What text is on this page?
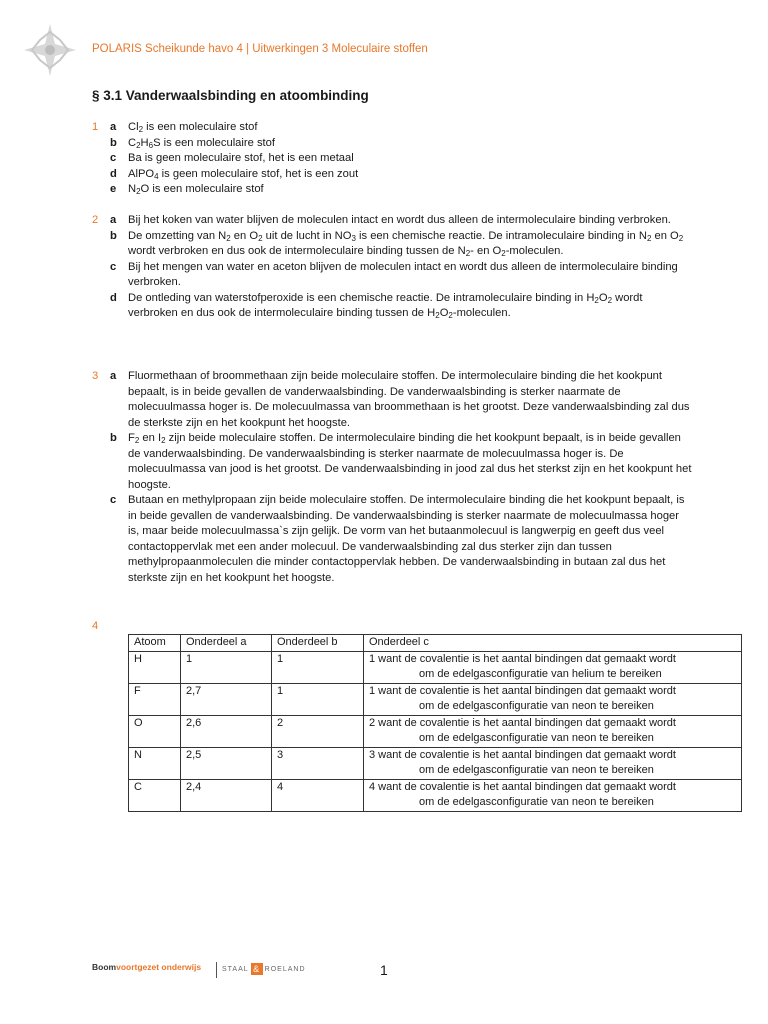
POLARIS Scheikunde havo 4 | Uitwerkingen 3 Moleculaire stoffen
§ 3.1 Vanderwaalsbinding en atoombinding
1 a $Cl_2$ is een moleculaire stof
b $C_2H_6S$ is een moleculaire stof
c Ba is geen moleculaire stof, het is een metaal
d AlPO$_4$ is geen moleculaire stof, het is een zout
e $N_2O$ is een moleculaire stof
2 a Bij het koken van water blijven de moleculen intact en wordt dus alleen de intermoleculaire binding verbroken.
b De omzetting van $N_2$ en $O_2$ uit de lucht in $NO_3$ is een chemische reactie. De intramoleculaire binding in $N_2$ en $O_2$ wordt verbroken en dus ook de intermoleculaire binding tussen de $N_2-$ en $O_2$-moleculen.
c Bij het mengen van water en aceton blijven de moleculen intact en wordt dus alleen de intermoleculaire binding verbroken.
d De ontleding van waterstofperoxide is een chemische reactie. De intramoleculaire binding in $H_2O_2$ wordt verbroken en dus ook de intermoleculaire binding tussen de $H_2O_2$-moleculen.
3 a Fluormethaan of broommethaan zijn beide moleculaire stoffen. De intermoleculaire binding die het kookpunt bepaalt, is in beide gevallen de vanderwaalsbinding. De vanderwaalsbinding is sterker naarmate de molecuulmassa hoger is. De molecuulmassa van broommethaan is het grootst. Deze vanderwaalsbinding zal dus de sterkste zijn en het kookpunt het hoogste.
b $F_2$ en $I_2$ zijn beide moleculaire stoffen. De intermoleculaire binding die het kookpunt bepaalt, is in beide gevallen de vanderwaalsbinding. De vanderwaalsbinding is sterker naarmate de molecuulmassa hoger is. De molecuulmassa van jood is het grootst. De vanderwaalsbinding in jood zal dus het sterkst zijn en het kookpunt het hoogste.
c Butaan en methylpropaan zijn beide moleculaire stoffen. De intermoleculaire binding die het kookpunt bepaalt, is in beide gevallen de vanderwaalsbinding. De vanderwaalsbinding is sterker naarmate de molecuulmassa hoger is, maar beide molecuulmassa`s zijn gelijk. De vorm van het butaanmolecuul is langwerpig en geeft dus veel contactoppervlak met een ander molecuul. De vanderwaalsbinding zal dus sterker zijn dan tussen methylpropaanmoleculen die minder contactoppervlak hebben. De vanderwaalsbinding in butaan zal dus het sterkste zijn en het kookpunt het hoogste.
4
Atoom	Onderdeel a	Onderdeel b	Onderdeel c
H	1	1	1 want de covalentie is het aantal bindingen dat gemaakt wordt
om de edelgasconfiguratie van helium te bereiken

F	2,7	1	1 want de covalentie is het aantal bindingen dat gemaakt wordt
om de edelgasconfiguratie van neon te bereiken

O	2,6	2	2 want de covalentie is het aantal bindingen dat gemaakt wordt
om de edelgasconfiguratie van neon te bereiken

N	2,5	3	3 want de covalentie is het aantal bindingen dat gemaakt wordt
om de edelgasconfiguratie van neon te bereiken

C	2,4	4	4 want de covalentie is het aantal bindingen dat gemaakt wordt
om de edelgasconfiguratie van neon te bereiken
Boomvoortgezet onderwijs	STAAL & ROELAND	1
